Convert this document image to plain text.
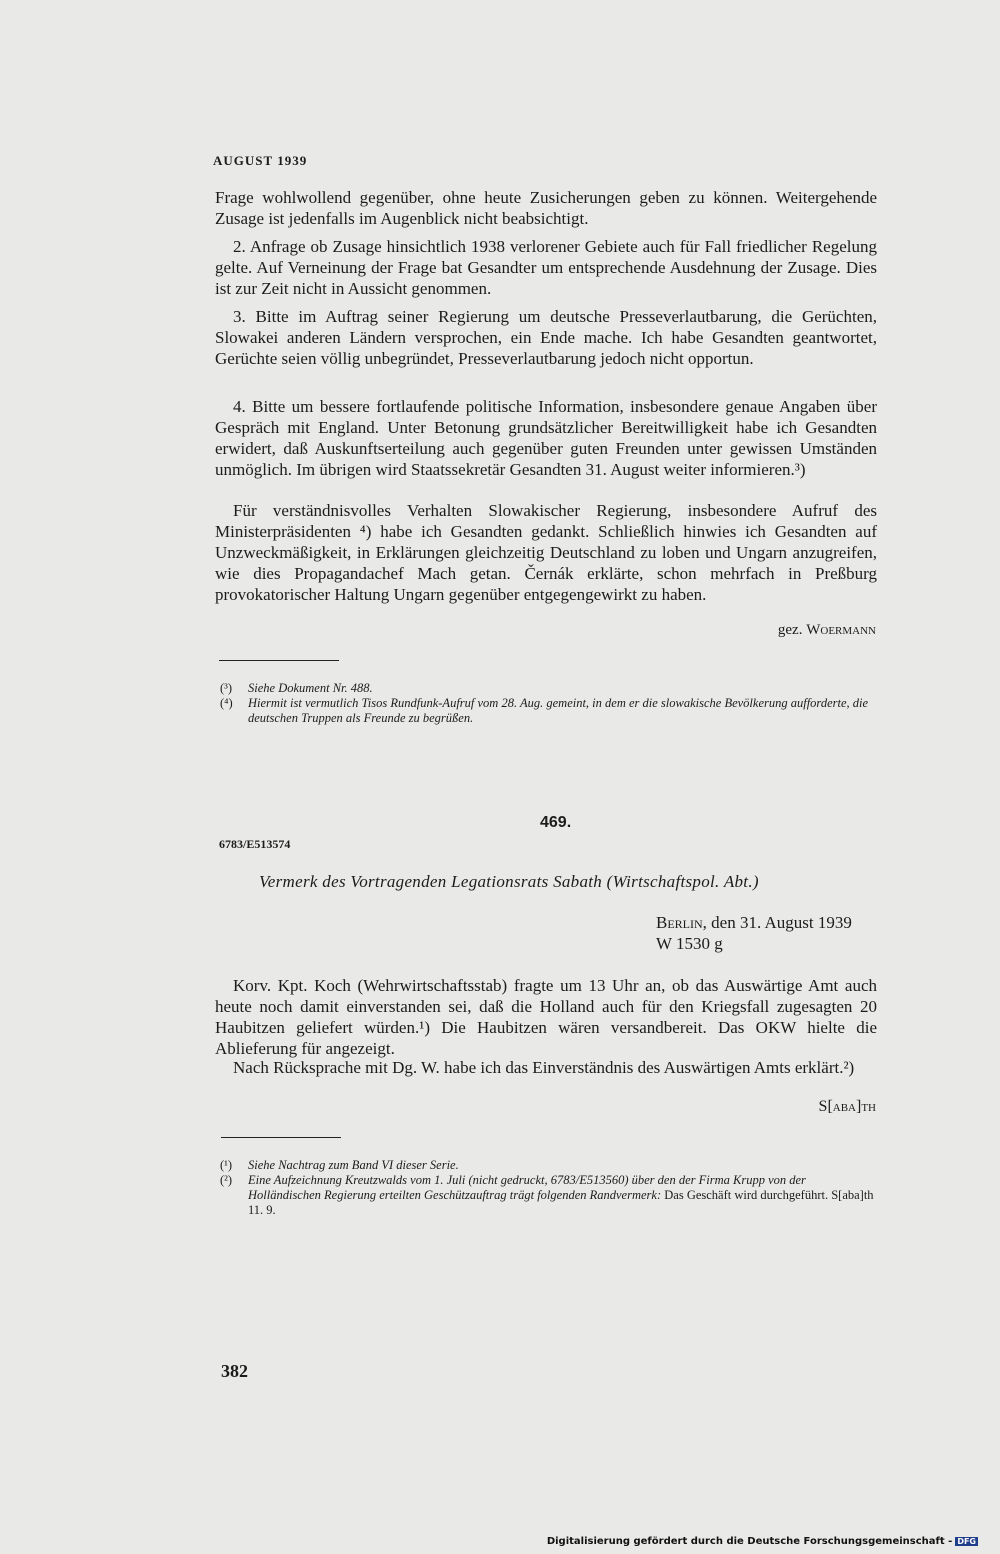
AUGUST 1939

Frage wohlwollend gegenüber, ohne heute Zusicherungen geben zu können. Weitergehende Zusage ist jedenfalls im Augenblick nicht beabsichtigt.

2. Anfrage ob Zusage hinsichtlich 1938 verlorener Gebiete auch für Fall friedlicher Regelung gelte. Auf Verneinung der Frage bat Gesandter um entsprechende Ausdehnung der Zusage. Dies ist zur Zeit nicht in Aussicht genommen.

3. Bitte im Auftrag seiner Regierung um deutsche Presseverlautbarung, die Gerüchten, Slowakei anderen Ländern versprochen, ein Ende mache. Ich habe Gesandten geantwortet, Gerüchte seien völlig unbegründet, Presseverlautbarung jedoch nicht opportun.

4. Bitte um bessere fortlaufende politische Information, insbesondere genaue Angaben über Gespräch mit England. Unter Betonung grundsätzlicher Bereitwilligkeit habe ich Gesandten erwidert, daß Auskunftserteilung auch gegenüber guten Freunden unter gewissen Umständen unmöglich. Im übrigen wird Staatssekretär Gesandten 31. August weiter informieren.³)

Für verständnisvolles Verhalten Slowakischer Regierung, insbesondere Aufruf des Ministerpräsidenten ⁴) habe ich Gesandten gedankt. Schließlich hinwies ich Gesandten auf Unzweckmäßigkeit, in Erklärungen gleichzeitig Deutschland zu loben und Ungarn anzugreifen, wie dies Propagandachef Mach getan. Černák erklärte, schon mehrfach in Preßburg provokatorischer Haltung Ungarn gegenüber entgegengewirkt zu haben.

gez. Woermann
(³)	Siehe Dokument Nr. 488.
(⁴)	Hiermit ist vermutlich Tisos Rundfunk-Aufruf vom 28. Aug. gemeint, in dem er die slowakische Bevölkerung aufforderte, die deutschen Truppen als Freunde zu begrüßen.
469.
6783/E513574
Vermerk des Vortragenden Legationsrats Sabath (Wirtschaftspol. Abt.)
Berlin, den 31. August 1939
W 1530 g

Korv. Kpt. Koch (Wehrwirtschaftsstab) fragte um 13 Uhr an, ob das Auswärtige Amt auch heute noch damit einverstanden sei, daß die Holland auch für den Kriegsfall zugesagten 20 Haubitzen geliefert würden.¹) Die Haubitzen wären versandbereit. Das OKW hielte die Ablieferung für angezeigt.

Nach Rücksprache mit Dg. W. habe ich das Einverständnis des Auswärtigen Amts erklärt.²)

S[aba]th
(¹)	Siehe Nachtrag zum Band VI dieser Serie.
(²)	Eine Aufzeichnung Kreutzwalds vom 1. Juli (nicht gedruckt, 6783/E513560) über den der Firma Krupp von der Holländischen Regierung erteilten Geschützauftrag trägt folgenden Randvermerk: Das Geschäft wird durchgeführt. S[aba]th 11. 9.
382
Digitalisierung gefördert durch die Deutsche Forschungsgemeinschaft - DFG
